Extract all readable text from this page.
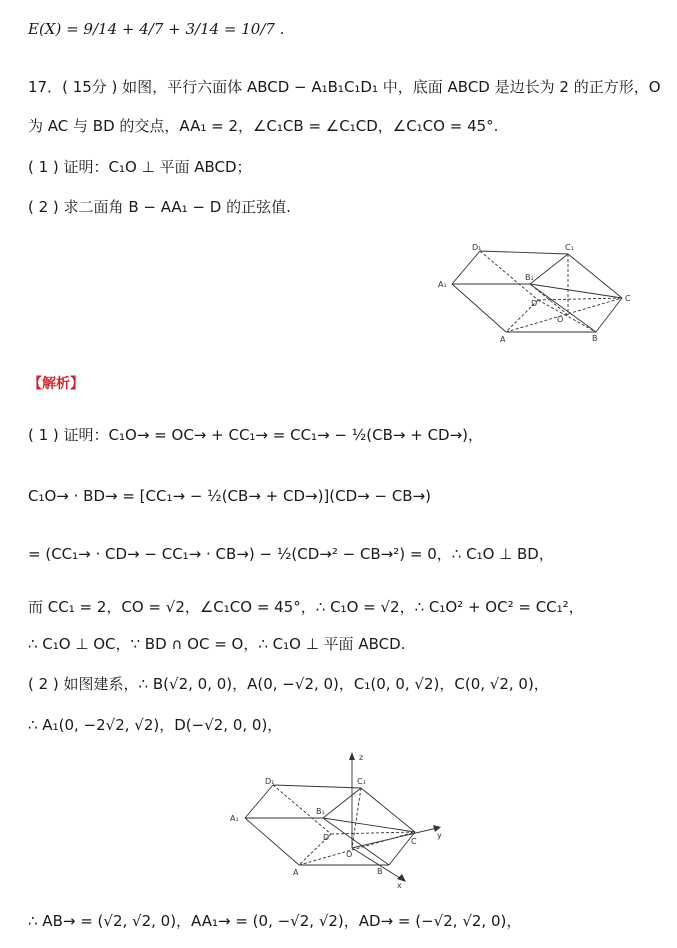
E(X) = 9/14 + 4/7 + 3/14 = 10/7 .
17．( 15分 ) 如图，平行六面体 ABCD − A₁B₁C₁D₁ 中，底面 ABCD 是边长为 2 的正方形，O
为 AC 与 BD 的交点，AA₁ = 2，∠C₁CB = ∠C₁CD，∠C₁CO = 45°.
( 1 ) 证明：C₁O ⊥ 平面 ABCD；
( 2 ) 求二面角 B − AA₁ − D 的正弦值.
D₁	C₁
A₁
B₁
D
O
C
A	B
【解析】
( 1 ) 证明：C₁O→ = OC→ + CC₁→ = CC₁→ − ½(CB→ + CD→)，
C₁O→ · BD→ = [CC₁→ − ½(CB→ + CD→)](CD→ − CB→)
= (CC₁→ · CD→ − CC₁→ · CB→) − ½(CD→² − CB→²) = 0，∴ C₁O ⊥ BD，
而 CC₁ = 2，CO = √2，∠C₁CO = 45°，∴ C₁O = √2，∴ C₁O² + OC² = CC₁²，
∴ C₁O ⊥ OC，∵ BD ∩ OC = O，∴ C₁O ⊥ 平面 ABCD.
( 2 ) 如图建系，∴ B(√2, 0, 0)，A(0, −√2, 0)，C₁(0, 0, √2)，C(0, √2, 0)，
∴ A₁(0, −2√2, √2)，D(−√2, 0, 0)，
z
D₁	C₁
A₁
B₁
D
O
C
y
A	B
x
∴ AB→ = (√2, √2, 0)，AA₁→ = (0, −√2, √2)，AD→ = (−√2, √2, 0)，
